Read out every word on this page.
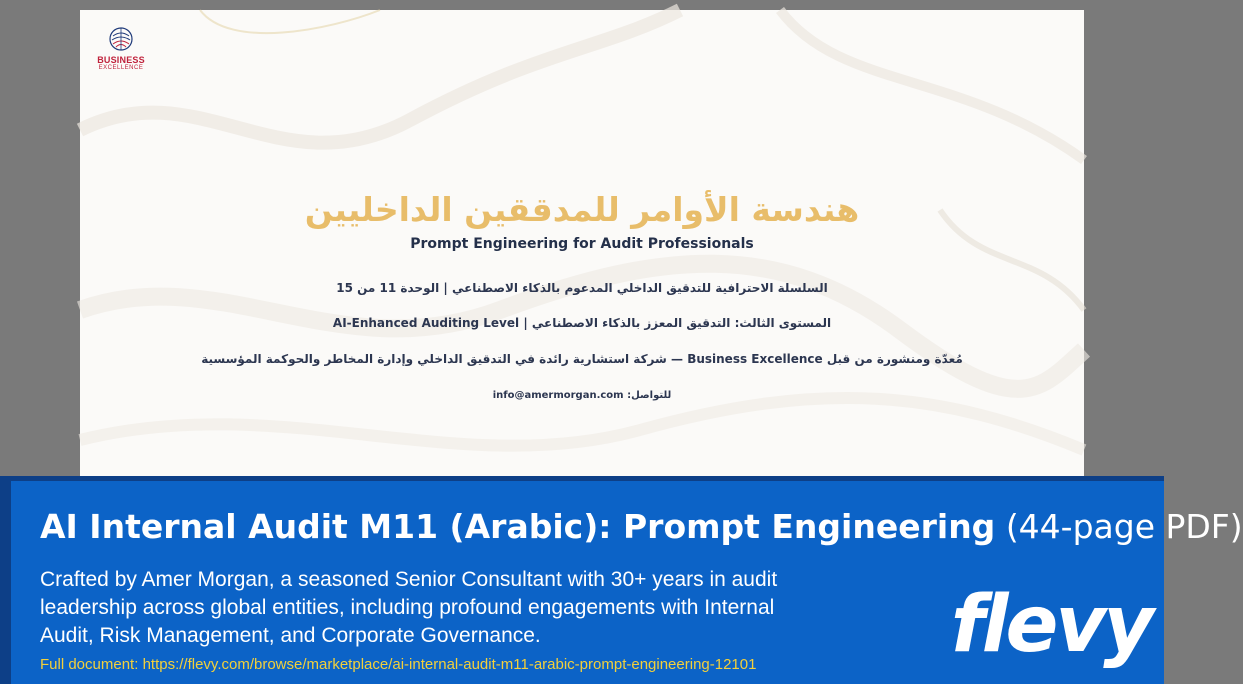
BUSINESS
EXCELLENCE
هندسة الأوامر للمدققين الداخليين
Prompt Engineering for Audit Professionals
السلسلة الاحترافية للتدقيق الداخلي المدعوم بالذكاء الاصطناعي | الوحدة 11 من 15
المستوى الثالث: التدقيق المعزز بالذكاء الاصطناعي | AI-Enhanced Auditing Level
مُعدّة ومنشورة من قبل Business Excellence — شركة استشارية رائدة في التدقيق الداخلي وإدارة المخاطر والحوكمة المؤسسية
للتواصل: info@amermorgan.com
AI Internal Audit M11 (Arabic): Prompt Engineering (44-page PDF)
Crafted by Amer Morgan, a seasoned Senior Consultant with 30+ years in audit leadership across global entities, including profound engagements with Internal Audit, Risk Management, and Corporate Governance.
Full document: https://flevy.com/browse/marketplace/ai-internal-audit-m11-arabic-prompt-engineering-12101 flevy
